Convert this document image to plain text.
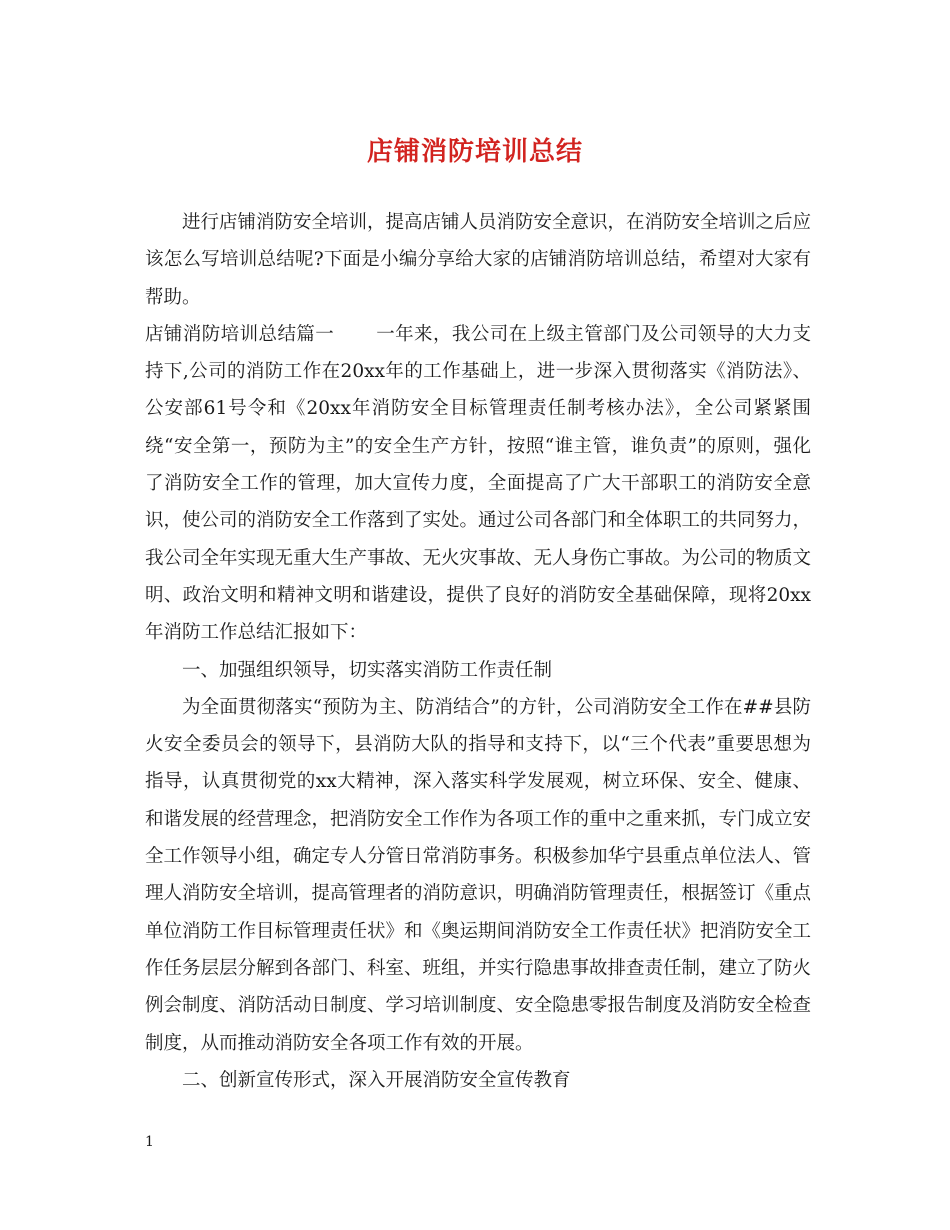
店铺消防培训总结

进行店铺消防安全培训，提高店铺人员消防安全意识，在消防安全培训之后应该怎么写培训总结呢?下面是小编分享给大家的店铺消防培训总结，希望对大家有帮助。

店铺消防培训总结篇一 一年来，我公司在上级主管部门及公司领导的大力支持下,公司的消防工作在20xx年的工作基础上，进一步深入贯彻落实《消防法》、公安部61号令和《20xx年消防安全目标管理责任制考核办法》，全公司紧紧围绕“安全第一，预防为主”的安全生产方针，按照“谁主管，谁负责”的原则，强化了消防安全工作的管理，加大宣传力度，全面提高了广大干部职工的消防安全意识，使公司的消防安全工作落到了实处。通过公司各部门和全体职工的共同努力，我公司全年实现无重大生产事故、无火灾事故、无人身伤亡事故。为公司的物质文明、政治文明和精神文明和谐建设，提供了良好的消防安全基础保障，现将20xx年消防工作总结汇报如下：

一、加强组织领导，切实落实消防工作责任制

为全面贯彻落实“预防为主、防消结合”的方针，公司消防安全工作在##县防火安全委员会的领导下，县消防大队的指导和支持下，以“三个代表”重要思想为指导，认真贯彻党的xx大精神，深入落实科学发展观，树立环保、安全、健康、和谐发展的经营理念，把消防安全工作作为各项工作的重中之重来抓，专门成立安全工作领导小组，确定专人分管日常消防事务。积极参加华宁县重点单位法人、管理人消防安全培训，提高管理者的消防意识，明确消防管理责任，根据签订《重点单位消防工作目标管理责任状》和《奥运期间消防安全工作责任状》把消防安全工作任务层层分解到各部门、科室、班组，并实行隐患事故排查责任制，建立了防火例会制度、消防活动日制度、学习培训制度、安全隐患零报告制度及消防安全检查制度，从而推动消防安全各项工作有效的开展。

二、创新宣传形式，深入开展消防安全宣传教育

1
